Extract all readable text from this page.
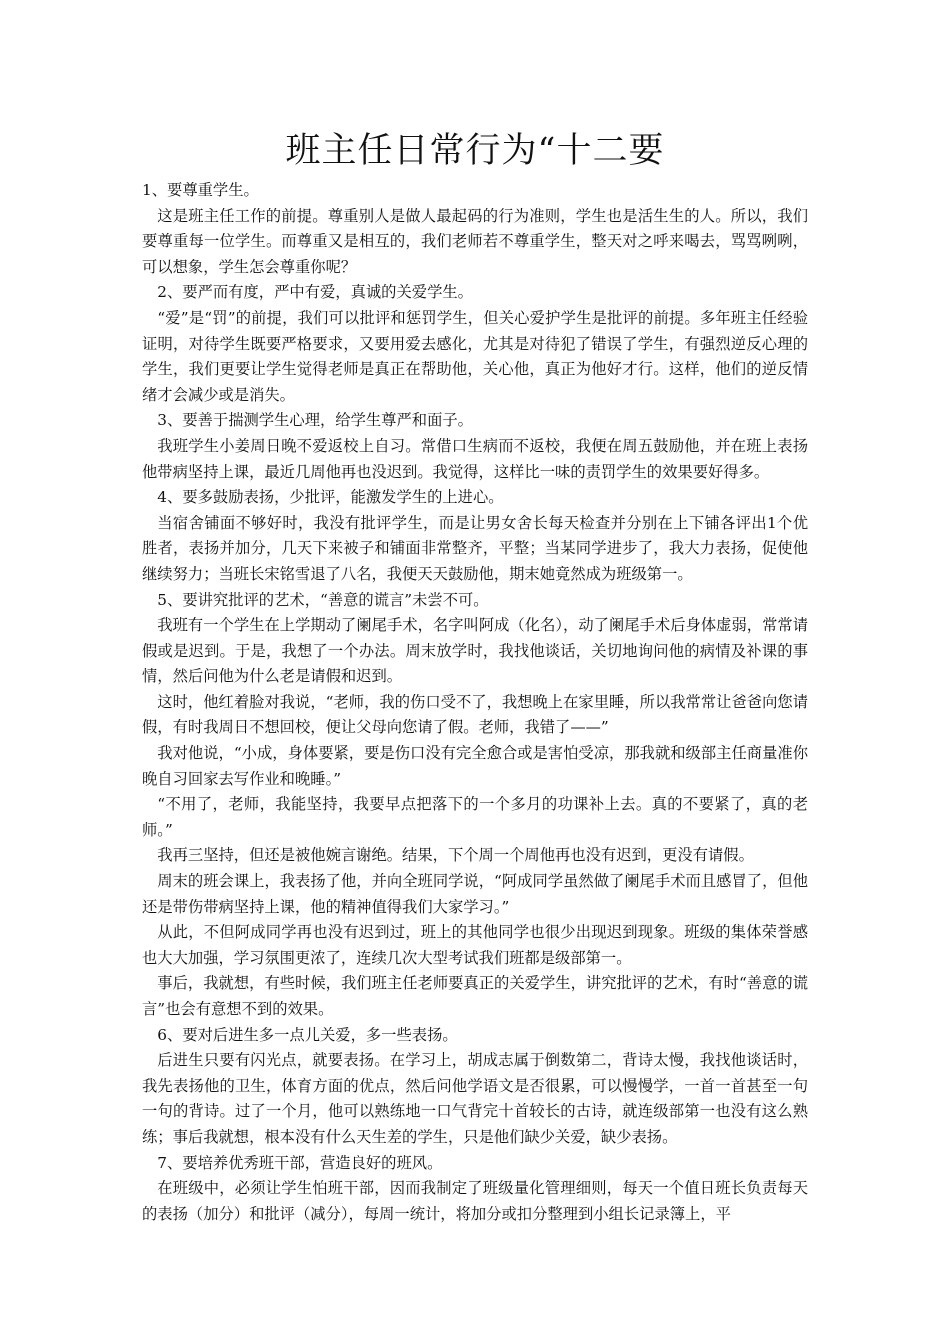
班主任日常行为“十二要

1、要尊重学生。

这是班主任工作的前提。尊重别人是做人最起码的行为准则，学生也是活生生的人。所以，我们要尊重每一位学生。而尊重又是相互的，我们老师若不尊重学生，整天对之呼来喝去，骂骂咧咧，可以想象，学生怎会尊重你呢？

2、要严而有度，严中有爱，真诚的关爱学生。

“爱”是“罚”的前提，我们可以批评和惩罚学生，但关心爱护学生是批评的前提。多年班主任经验证明，对待学生既要严格要求，又要用爱去感化，尤其是对待犯了错误了学生，有强烈逆反心理的学生，我们更要让学生觉得老师是真正在帮助他，关心他，真正为他好才行。这样，他们的逆反情绪才会减少或是消失。

3、要善于揣测学生心理，给学生尊严和面子。

我班学生小姜周日晚不爱返校上自习。常借口生病而不返校，我便在周五鼓励他，并在班上表扬他带病坚持上课，最近几周他再也没迟到。我觉得，这样比一味的责罚学生的效果要好得多。

4、要多鼓励表扬，少批评，能激发学生的上进心。

当宿舍铺面不够好时，我没有批评学生，而是让男女舍长每天检查并分别在上下铺各评出1个优胜者，表扬并加分，几天下来被子和铺面非常整齐，平整；当某同学进步了，我大力表扬，促使他继续努力；当班长宋铭雪退了八名，我便天天鼓励他，期末她竟然成为班级第一。

5、要讲究批评的艺术，“善意的谎言”未尝不可。

我班有一个学生在上学期动了阑尾手术，名字叫阿成（化名），动了阑尾手术后身体虚弱，常常请假或是迟到。于是，我想了一个办法。周末放学时，我找他谈话，关切地询问他的病情及补课的事情，然后问他为什么老是请假和迟到。

这时，他红着脸对我说，“老师，我的伤口受不了，我想晚上在家里睡，所以我常常让爸爸向您请假，有时我周日不想回校，便让父母向您请了假。老师，我错了——”

我对他说，“小成，身体要紧，要是伤口没有完全愈合或是害怕受凉，那我就和级部主任商量准你晚自习回家去写作业和晚睡。”

“不用了，老师，我能坚持，我要早点把落下的一个多月的功课补上去。真的不要紧了，真的老师。”

我再三坚持，但还是被他婉言谢绝。结果，下个周一个周他再也没有迟到，更没有请假。

周末的班会课上，我表扬了他，并向全班同学说，“阿成同学虽然做了阑尾手术而且感冒了，但他还是带伤带病坚持上课，他的精神值得我们大家学习。”

从此，不但阿成同学再也没有迟到过，班上的其他同学也很少出现迟到现象。班级的集体荣誉感也大大加强，学习氛围更浓了，连续几次大型考试我们班都是级部第一。

事后，我就想，有些时候，我们班主任老师要真正的关爱学生，讲究批评的艺术，有时“善意的谎言”也会有意想不到的效果。

6、要对后进生多一点儿关爱，多一些表扬。

后进生只要有闪光点，就要表扬。在学习上，胡成志属于倒数第二，背诗太慢，我找他谈话时，我先表扬他的卫生，体育方面的优点，然后问他学语文是否很累，可以慢慢学，一首一首甚至一句一句的背诗。过了一个月，他可以熟练地一口气背完十首较长的古诗，就连级部第一也没有这么熟练；事后我就想，根本没有什么天生差的学生，只是他们缺少关爱，缺少表扬。

7、要培养优秀班干部，营造良好的班风。

在班级中，必须让学生怕班干部，因而我制定了班级量化管理细则，每天一个值日班长负责每天的表扬（加分）和批评（减分），每周一统计，将加分或扣分整理到小组长记录簿上，平
